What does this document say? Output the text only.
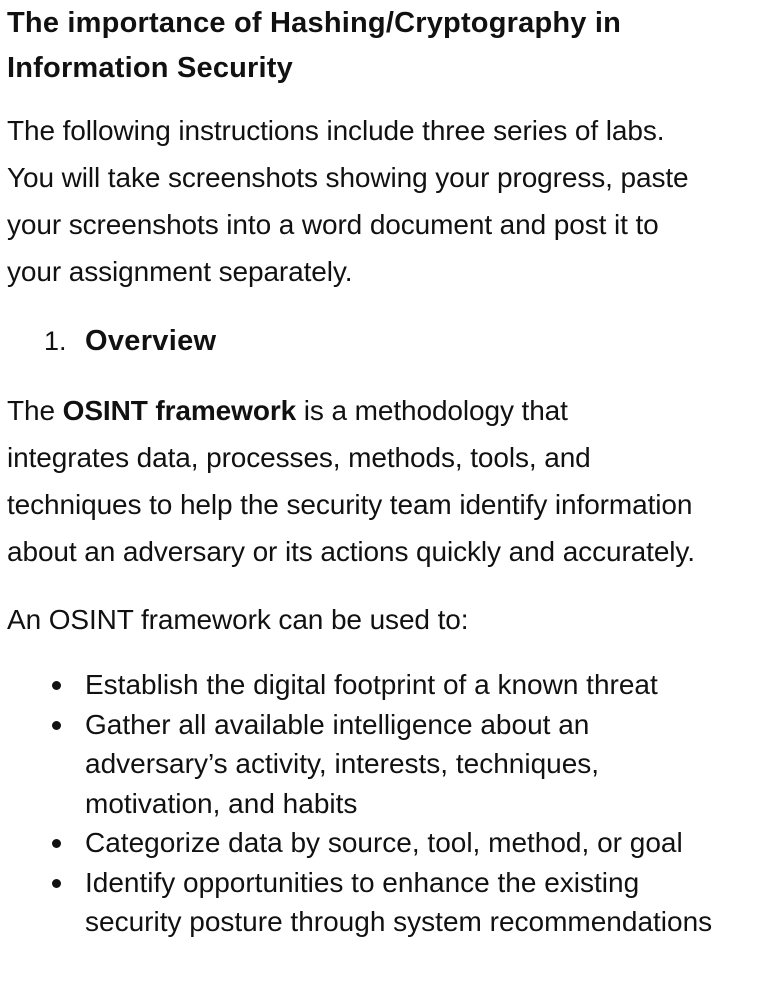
The importance of Hashing/Cryptography in
Information Security

The following instructions include three series of labs.
You will take screenshots showing your progress, paste
your screenshots into a word document and post it to
your assignment separately.

1. Overview

The OSINT framework is a methodology that
integrates data, processes, methods, tools, and
techniques to help the security team identify information
about an adversary or its actions quickly and accurately.

An OSINT framework can be used to:

Establish the digital footprint of a known threat
Gather all available intelligence about an
adversary’s activity, interests, techniques,
motivation, and habits
Categorize data by source, tool, method, or goal
Identify opportunities to enhance the existing
security posture through system recommendations
